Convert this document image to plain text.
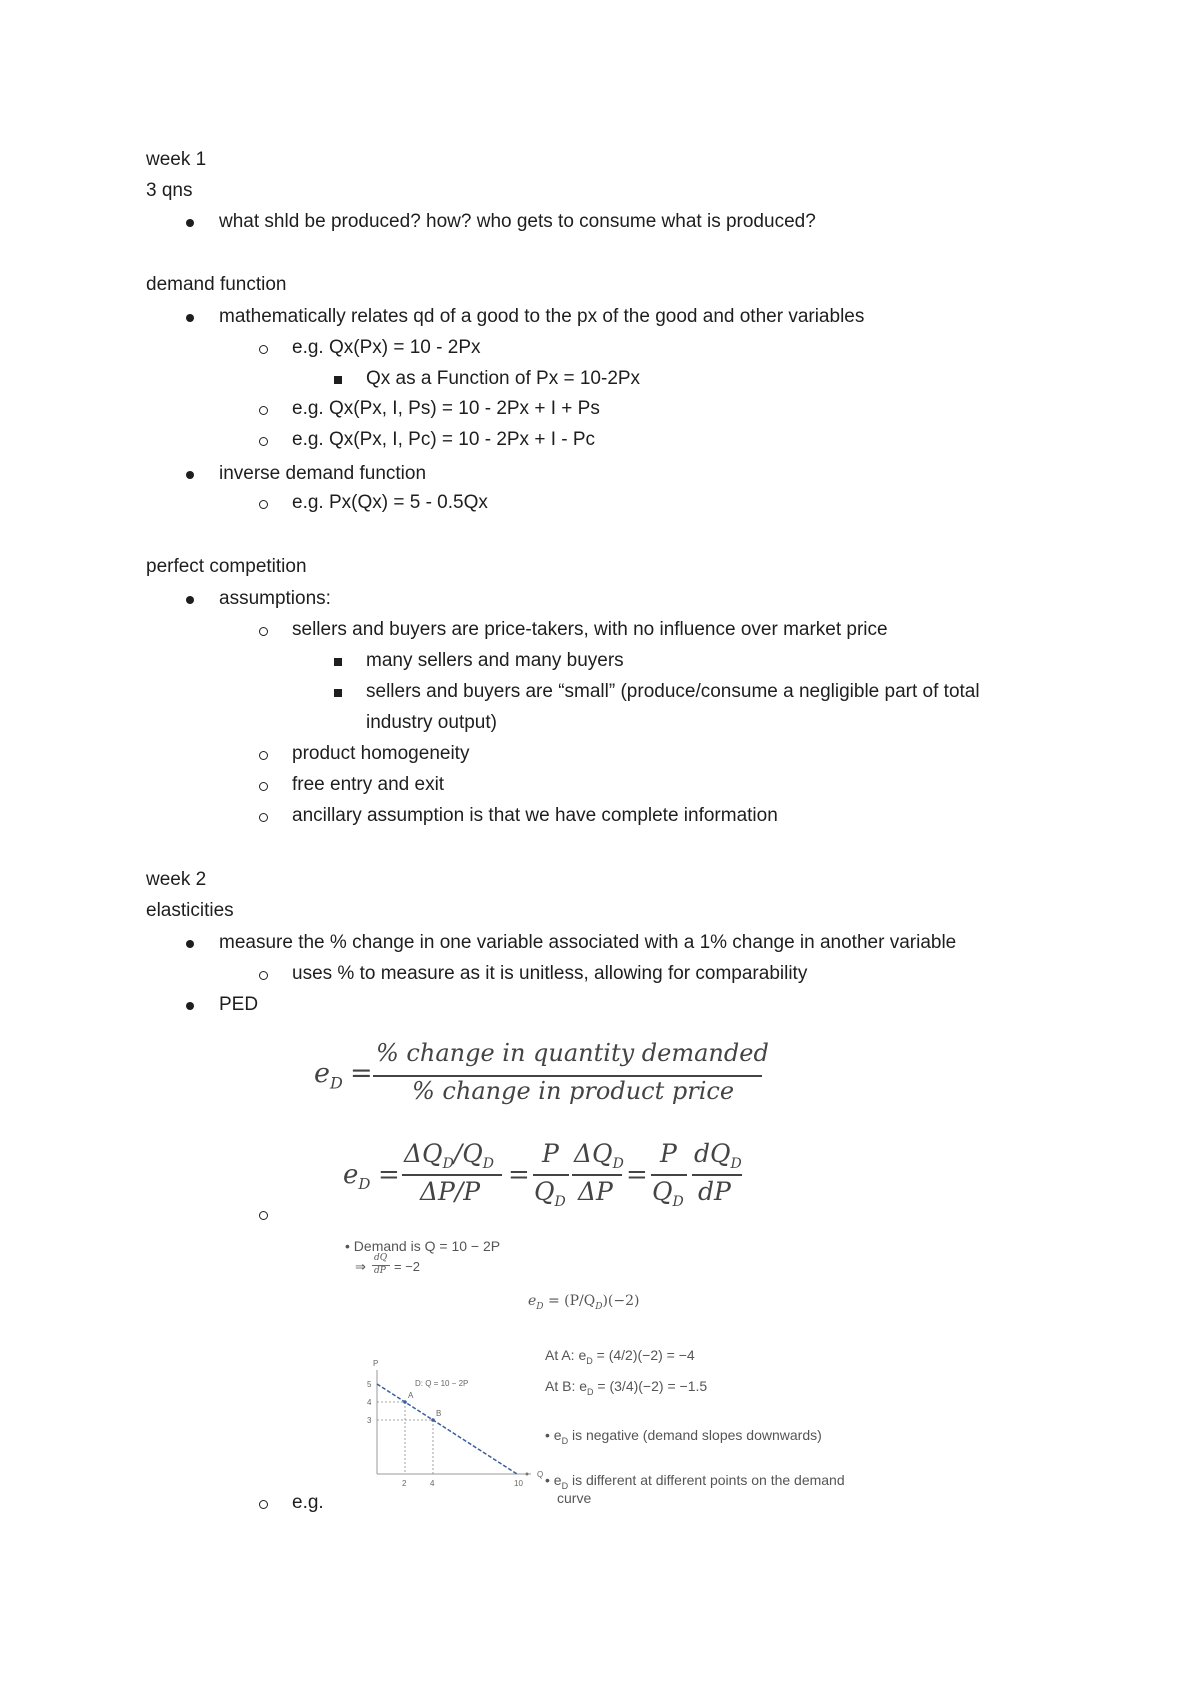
week 1
3 qns
what shld be produced? how? who gets to consume what is produced?
demand function
mathematically relates qd of a good to the px of the good and other variables
e.g. Qx(Px) = 10 - 2Px
Qx as a Function of Px = 10-2Px
e.g. Qx(Px, I, Ps) = 10 - 2Px + I + Ps
e.g. Qx(Px, I, Pc) = 10 - 2Px + I - Pc
inverse demand function
e.g. Px(Qx) = 5 - 0.5Qx
perfect competition
assumptions:
sellers and buyers are price-takers, with no influence over market price
many sellers and many buyers
sellers and buyers are “small” (produce/consume a negligible part of total
industry output)
product homogeneity
free entry and exit
ancillary assumption is that we have complete information
week 2
elasticities
measure the % change in one variable associated with a 1% change in another variable
uses % to measure as it is unitless, allowing for comparability
PED
$e_D$ =
% change in quantity demanded
% change in product price
$e_D$ =
$\Delta Q_D/Q_D$
ΔP/P
=
P
$Q_D$
$\Delta Q_D$
ΔP
=
P
$Q_D$
$dQ_D$
dP
• Demand is Q = 10 − 2P
⇒
dQ
dP = −2
$e_D = (P/Q_D)(-2)$
At A: $e_D = (4/2)(-2) = -4$
At B: $e_D = (3/4)(-2) = -1.5$
• $e_D$ is negative (demand slopes downwards)
• $e_D$ is different at different points on the demand
curve
P
Q
D: Q = 10 − 2P
A
B
2	4	10
5
4
3
e.g.
